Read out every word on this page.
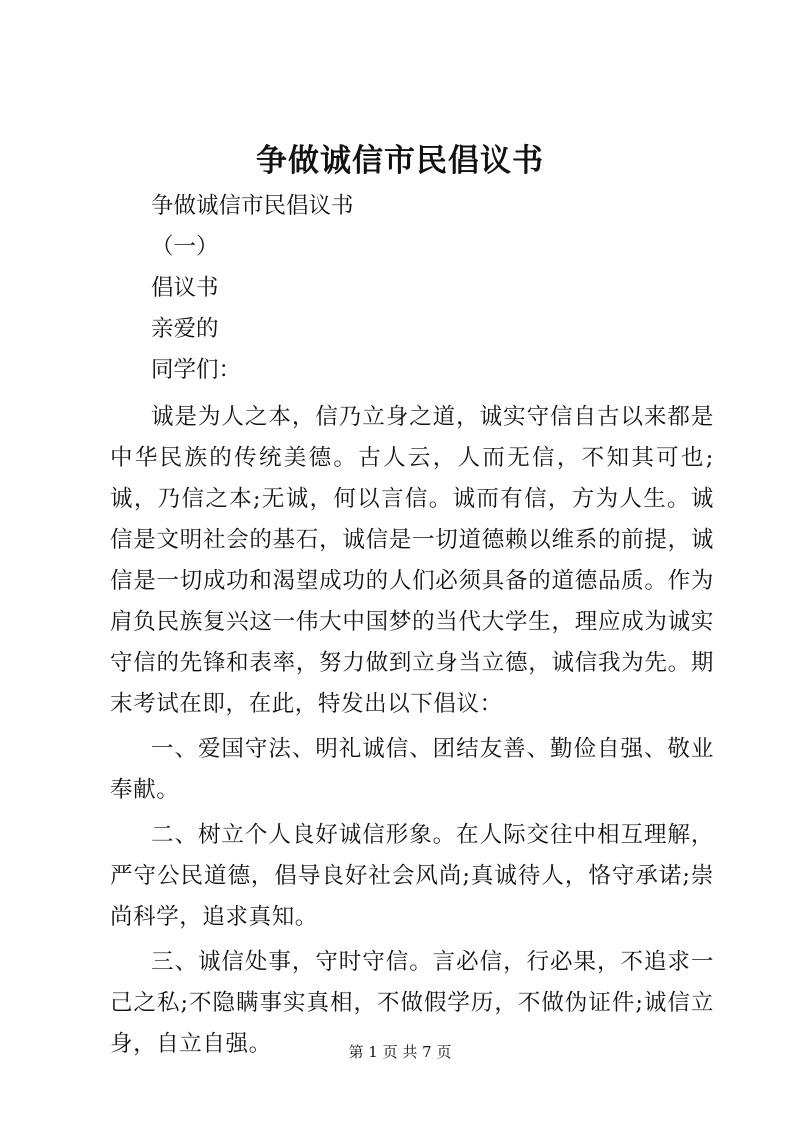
争做诚信市民倡议书
争做诚信市民倡议书
（一）
倡议书
亲爱的
同学们：

诚是为人之本，信乃立身之道，诚实守信自古以来都是中华民族的传统美德。古人云，人而无信，不知其可也;诚，乃信之本;无诚，何以言信。诚而有信，方为人生。诚信是文明社会的基石，诚信是一切道德赖以维系的前提，诚信是一切成功和渴望成功的人们必须具备的道德品质。作为肩负民族复兴这一伟大中国梦的当代大学生，理应成为诚实守信的先锋和表率，努力做到立身当立德，诚信我为先。期末考试在即，在此，特发出以下倡议：

一、爱国守法、明礼诚信、团结友善、勤俭自强、敬业奉献。

二、树立个人良好诚信形象。在人际交往中相互理解，严守公民道德，倡导良好社会风尚;真诚待人，恪守承诺;崇尚科学，追求真知。

三、诚信处事，守时守信。言必信，行必果，不追求一己之私;不隐瞒事实真相，不做假学历，不做伪证件;诚信立身，自立自强。	第 1 页 共 7 页
